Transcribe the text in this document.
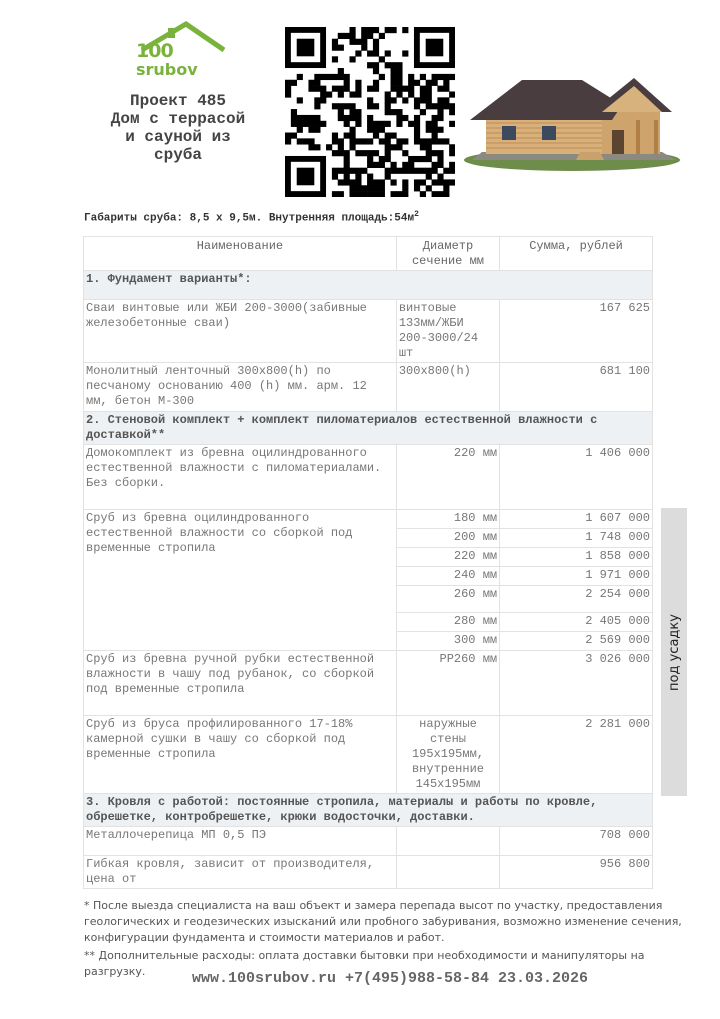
100
srubov
Проект 485
Дом с террасой
и сауной из
сруба
Габариты сруба: 8,5 х 9,5м. Внутренняя $площадь:54м^2$
Наименование	Диаметр сечение мм	Сумма, рублей
1. Фундамент варианты*:		
Сваи винтовые или ЖБИ 200-3000(забивные железобетонные сваи)	винтовые 133мм/ЖБИ 200-3000/24 шт	167 625
Монолитный ленточный 300х800(h) по песчаному основанию 400 (h) мм. арм. 12 мм, бетон М-300	300х800(h)	681 100
2. Стеновой комплект + комплект пиломатериалов естественной влажности с доставкой**		
Домокомплект из бревна оцилиндрованного естественной влажности с пиломатериалами. Без сборки.	220 мм	1 406 000
Сруб из бревна оцилиндрованного естественной влажности со сборкой под временные стропила	180 мм	1 607 000
	200 мм	1 748 000
	220 мм	1 858 000
	240 мм	1 971 000
	260 мм	2 254 000
	280 мм	2 405 000
	300 мм	2 569 000
Сруб из бревна ручной рубки естественной влажности в чашу под рубанок, со сборкой под временные стропила	РР260 мм	3 026 000
Сруб из бруса профилированного 17-18% камерной сушки в чашу со сборкой под временные стропила	наружные стены 195х195мм, внутренние 145х195мм	2 281 000
3. Кровля с работой: постоянные стропила, материалы и работы по кровле, обрешетке, контробрешетке, крюки водосточки, доставки.		
Металлочерепица МП 0,5 ПЭ		708 000
Гибкая кровля, зависит от производителя, цена от		956 800
под усадку
* После выезда специалиста на ваш объект и замера перепада высот по участку, предоставления геологических и геодезических изысканий или пробного забуривания, возможно изменение сечения, конфигурации фундамента и стоимости материалов и работ.
** Дополнительные расходы: оплата доставки бытовки при необходимости и манипуляторы на разгрузку.	www.100srubov.ru +7(495)988-58-84 23.03.2026
